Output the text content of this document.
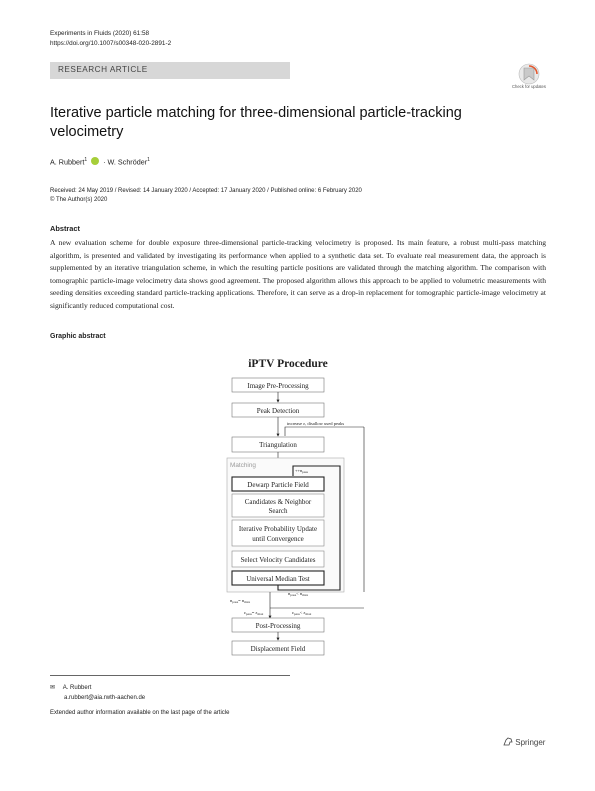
Experiments in Fluids (2020) 61:58
https://doi.org/10.1007/s00348-020-2891-2
RESEARCH ARTICLE
Check for updates
Iterative particle matching for three-dimensional particle-tracking velocimetry
A. Rubbert$^1$ · W. Schröder$^1$
Received: 24 May 2019 / Revised: 14 January 2020 / Accepted: 17 January 2020 / Published online: 6 February 2020
© The Author(s) 2020
Abstract
A new evaluation scheme for double exposure three-dimensional particle-tracking velocimetry is proposed. Its main feature, a robust multi-pass matching algorithm, is presented and validated by investigating its performance when applied to a synthetic data set. To evaluate real measurement data, the approach is supplemented by an iterative triangulation scheme, in which the resulting particle positions are validated through the matching algorithm. The comparison with tomographic particle-image velocimetry data shows good agreement. The proposed algorithm allows this approach to be applied to volumetric measurements with seeding densities exceeding standard particle-tracking applications. Therefore, it can serve as a drop-in replacement for tomographic particle-image velocimetry at significantly reduced computational cost.
Graphic abstract
iPTV Procedure
Image Pre-Processing
Peak Detection
increase ε, disallow used peaks
Triangulation
Matching
$++n_{pass}$
Dewarp Particle Field
Candidates & Neighbor
Search
Iterative Probability Update
until Convergence
Select Velocity Candidates
Universal Median Test
$n_{pass}< n_{max}$
$n_{pass}= n_{max}$
$\varepsilon_{pass}< \varepsilon_{max}$
$\varepsilon_{pass}= \varepsilon_{max}$
Post-Processing
Displacement Field
✉ A. Rubbert
a.rubbert@aia.rwth-aachen.de
Extended author information available on the last page of the article
Springer
